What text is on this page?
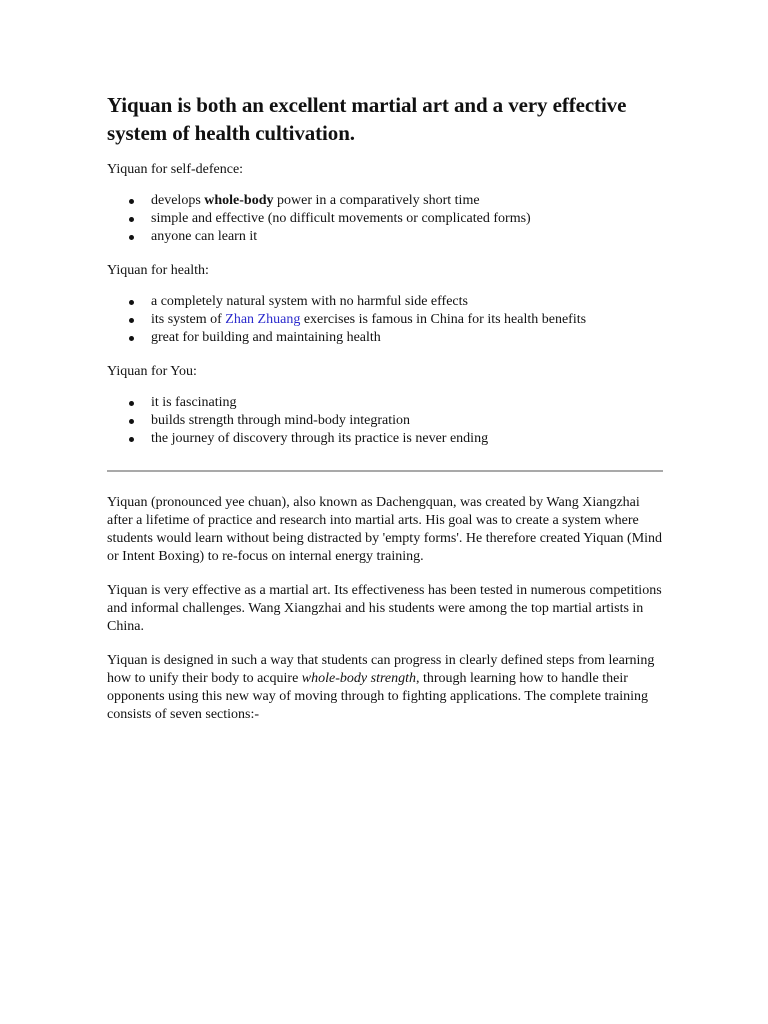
Yiquan is both an excellent martial art and a very effective system of health cultivation.

Yiquan for self-defence:

develops whole-body power in a comparatively short time
simple and effective (no difficult movements or complicated forms)
anyone can learn it

Yiquan for health:

a completely natural system with no harmful side effects
its system of Zhan Zhuang exercises is famous in China for its health benefits
great for building and maintaining health

Yiquan for You:

it is fascinating
builds strength through mind-body integration
the journey of discovery through its practice is never ending

Yiquan (pronounced yee chuan), also known as Dachengquan, was created by Wang Xiangzhai after a lifetime of practice and research into martial arts. His goal was to create a system where students would learn without being distracted by 'empty forms'. He therefore created Yiquan (Mind or Intent Boxing) to re-focus on internal energy training.

Yiquan is very effective as a martial art. Its effectiveness has been tested in numerous competitions and informal challenges. Wang Xiangzhai and his students were among the top martial artists in China.

Yiquan is designed in such a way that students can progress in clearly defined steps from learning how to unify their body to acquire whole-body strength, through learning how to handle their opponents using this new way of moving through to fighting applications. The complete training consists of seven sections:-
